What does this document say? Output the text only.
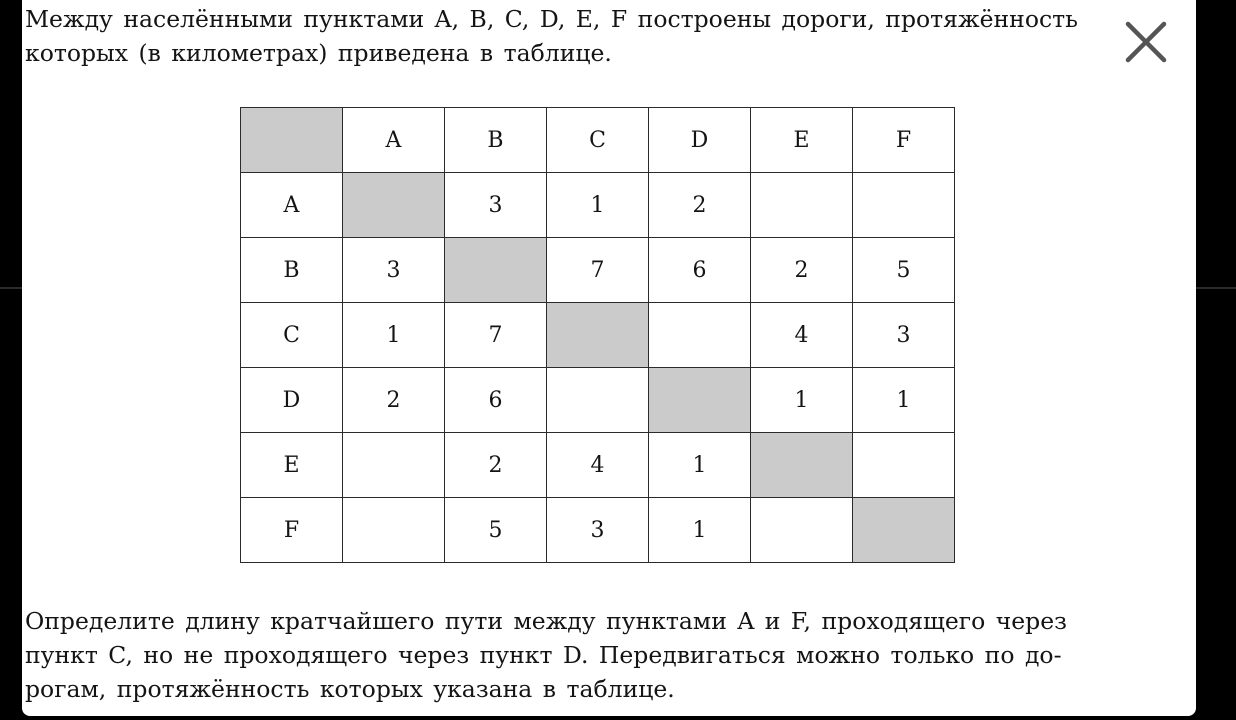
Между населёнными пунктами A, B, C, D, E, F построены дороги, протяжённость
которых (в километрах) приведена в таблице.

	A	B	C	D	E	F
A		3	1	2		
B	3		7	6	2	5
C	1	7			4	3
D	2	6			1	1
E		2	4	1		
F		5	3	1		

Определите длину кратчайшего пути между пунктами A и F, проходящего через
пункт C, но не проходящего через пункт D. Передвигаться можно только по до-
рогам, протяжённость которых указана в таблице.
